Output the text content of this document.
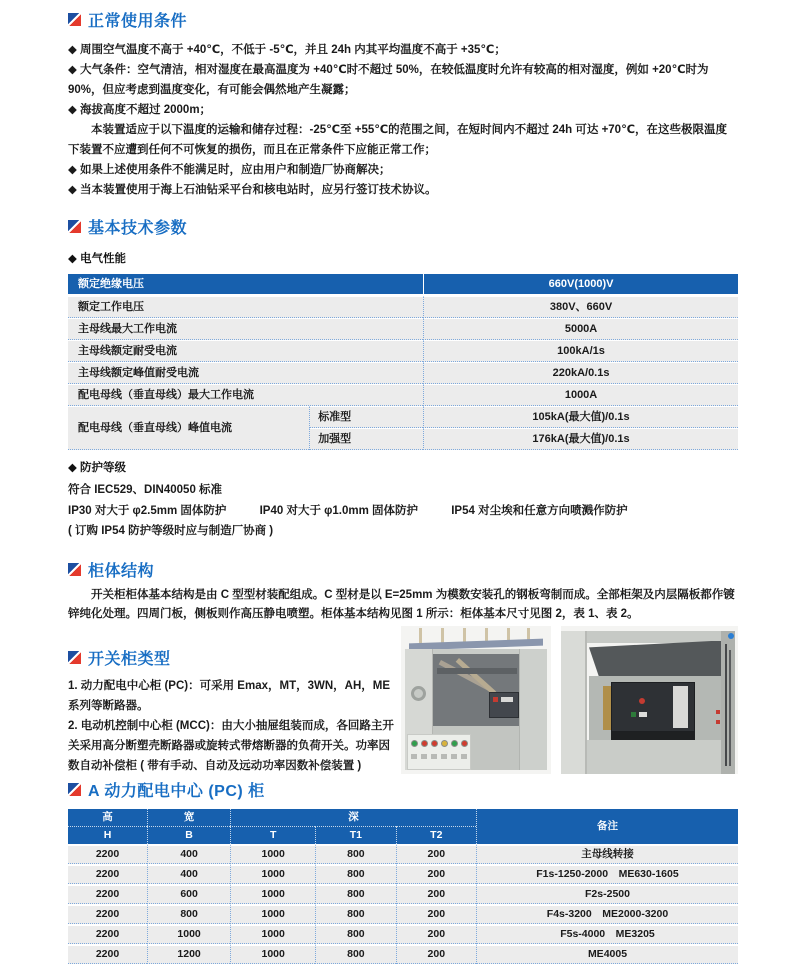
正常使用条件

◆ 周围空气温度不高于 +40℃，不低于 -5℃，并且 24h 内其平均温度不高于 +35℃；

◆ 大气条件：空气清洁，相对湿度在最高温度为 +40℃时不超过 50%，在较低温度时允许有较高的相对湿度，例如 +20℃时为 90%，但应考虑到温度变化，有可能会偶然地产生凝露；

◆ 海拔高度不超过 2000m；

　　本装置适应于以下温度的运输和储存过程：-25℃至 +55℃的范围之间，在短时间内不超过 24h 可达 +70℃，在这些极限温度下装置不应遭到任何不可恢复的损伤，而且在正常条件下应能正常工作；

◆ 如果上述使用条件不能满足时，应由用户和制造厂协商解决；

◆ 当本装置使用于海上石油钻采平台和核电站时，应另行签订技术协议。

基本技术参数
◆ 电气性能
额定绝缘电压		660V(1000)V
额定工作电压		380V、660V
主母线最大工作电流		5000A
主母线额定耐受电流		100kA/1s
主母线额定峰值耐受电流		220kA/0.1s
配电母线（垂直母线）最大工作电流		1000A
配电母线（垂直母线）峰值电流	标准型	105kA(最大值)/0.1s
	加强型	176kA(最大值)/0.1s
◆ 防护等级
符合 IEC529、DIN40050 标准
IP30 对大于 φ2.5mm 固体防护	IP40 对大于 φ1.0mm 固体防护	IP54 对尘埃和任意方向喷溅作防护
( 订购 IP54 防护等级时应与制造厂协商 )
柜体结构

开关柜柜体基本结构是由 C 型型材装配组成。C 型材是以 E=25mm 为模数安装孔的钢板弯制而成。全部柜架及内层隔板都作镀锌纯化处理。四周门板，侧板则作高压静电喷塑。柜体基本结构见图 1 所示：柜体基本尺寸见图 2，表 1、表 2。

开关柜类型

1. 动力配电中心柜 (PC)：可采用 Emax，MT，3WN，AH，ME 系列等断路器。

2. 电动机控制中心柜 (MCC)：由大小抽屉组装而成，各回路主开关采用高分断塑壳断路器或旋转式带熔断器的负荷开关。功率因数自动补偿柜 ( 带有手动、自动及远动功率因数补偿装置 )

A 动力配电中心 (PC) 柜
高	宽	深			备注
H	B	T	T1	T2	
2200	400	1000	800	200	主母线转接
2200	400	1000	800	200	F1s-1250-2000　ME630-1605
2200	600	1000	800	200	F2s-2500
2200	800	1000	800	200	F4s-3200　ME2000-3200
2200	1000	1000	800	200	F5s-4000　ME3205
2200	1200	1000	800	200	ME4005
